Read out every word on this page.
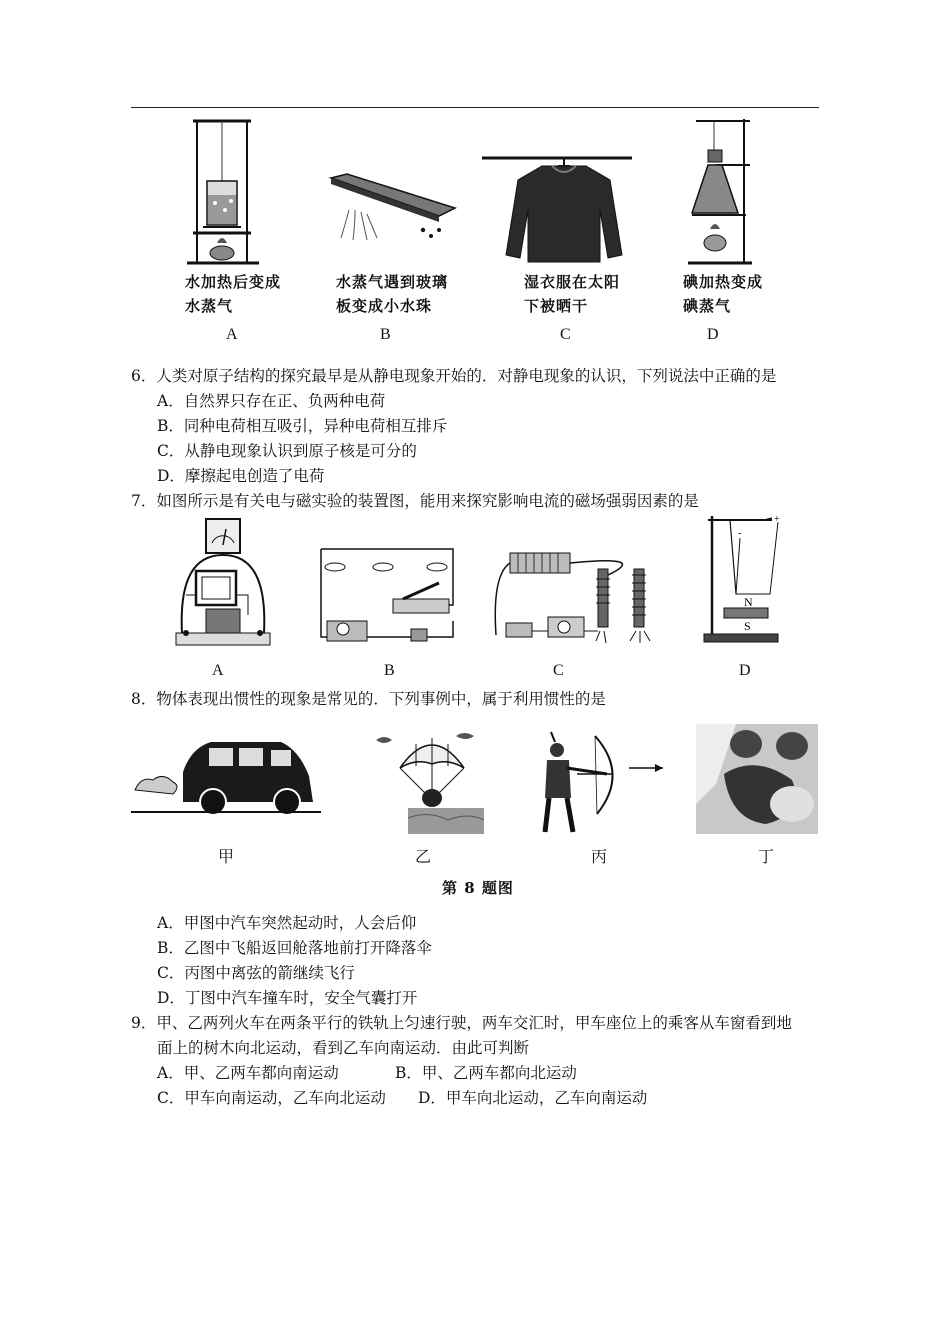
水加热后变成
水蒸气
水蒸气遇到玻璃
板变成小水珠
湿衣服在太阳
下被晒干
碘加热变成
碘蒸气
A	B	C	D
6．人类对原子结构的探究最早是从静电现象开始的．对静电现象的认识，下列说法中正确的是
A．自然界只存在正、负两种电荷
B．同种电荷相互吸引，异种电荷相互排斥
C．从静电现象认识到原子核是可分的
D．摩擦起电创造了电荷
7．如图所示是有关电与磁实验的装置图，能用来探究影响电流的磁场强弱因素的是
-
+
N
S
A	B	C	D
8．物体表现出惯性的现象是常见的．下列事例中，属于利用惯性的是
甲	乙	丙	丁
第 8 题图
A．甲图中汽车突然起动时，人会后仰
B．乙图中飞船返回舱落地前打开降落伞
C．丙图中离弦的箭继续飞行
D．丁图中汽车撞车时，安全气囊打开
9．甲、乙两列火车在两条平行的铁轨上匀速行驶，两车交汇时，甲车座位上的乘客从车窗看到地
面上的树木向北运动，看到乙车向南运动．由此可判断
A．甲、乙两车都向南运动	B．甲、乙两车都向北运动
C．甲车向南运动，乙车向北运动 D．甲车向北运动，乙车向南运动
